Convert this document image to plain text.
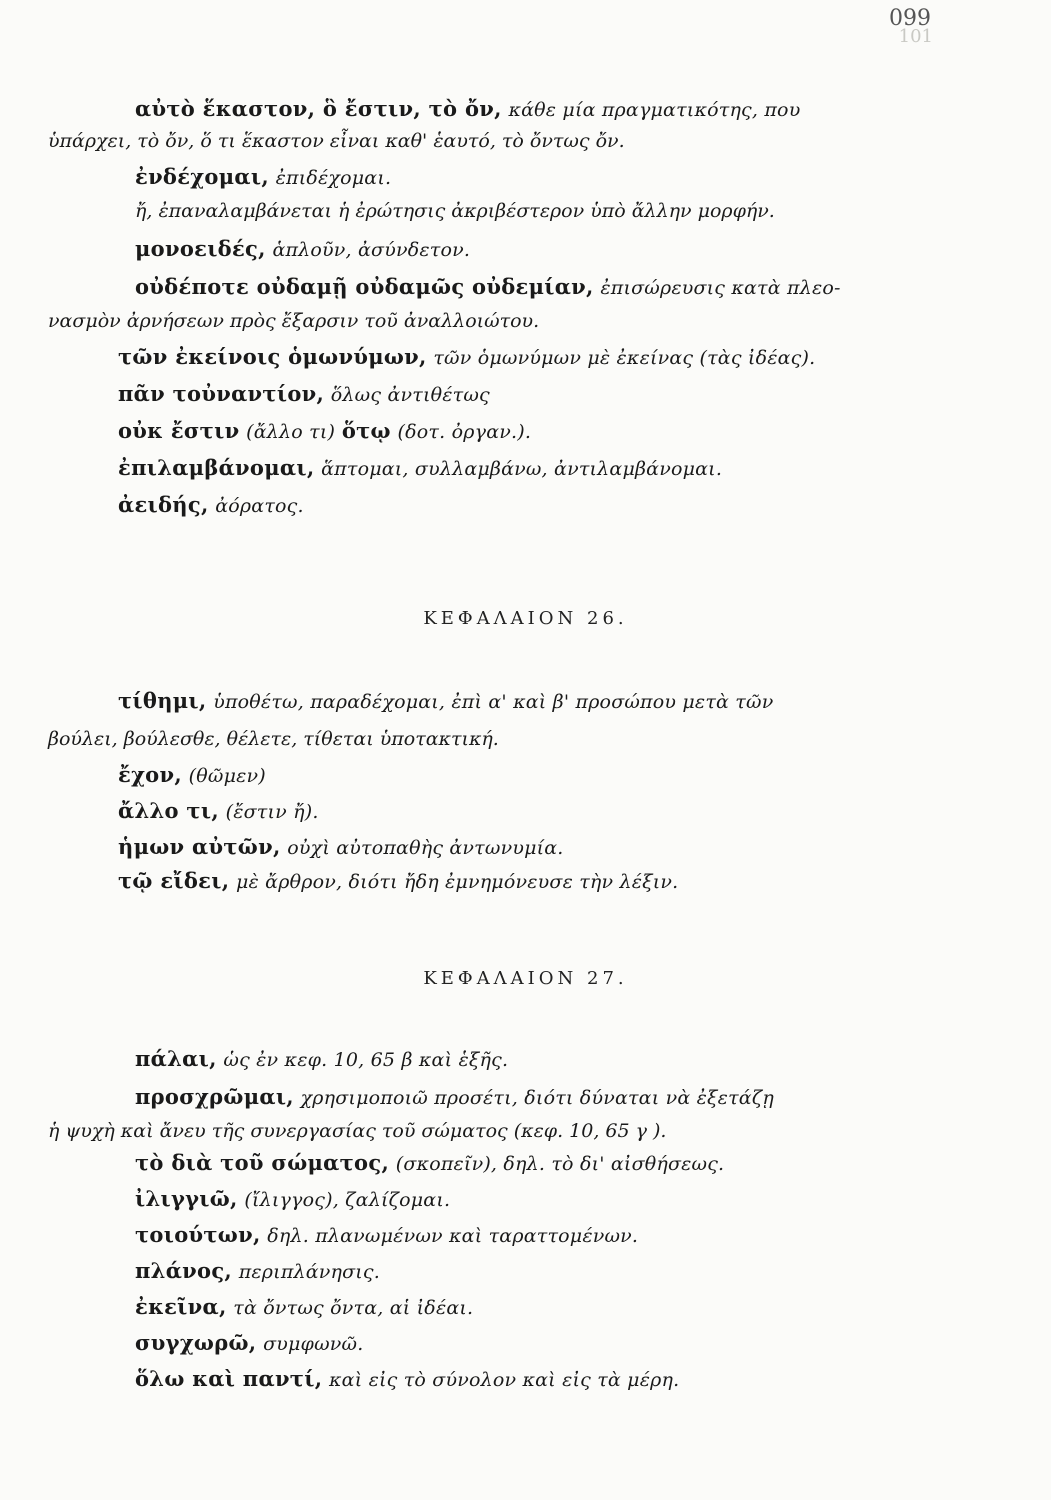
099
101
αὐτὸ ἕκαστον, ὃ ἔστιν, τὸ ὄν, κάθε μία πραγματικότης, που
ὑπάρχει, τὸ ὄν, ὅ τι ἕκαστον εἶναι καθ' ἑαυτό, τὸ ὄντως ὄν.
ἐνδέχομαι, ἐπιδέχομαι.
ἤ, ἐπαναλαμβάνεται ἡ ἐρώτησις ἀκριβέστερον ὑπὸ ἄλλην μορφήν.
μονοειδές, ἁπλοῦν, ἀσύνδετον.
οὐδέποτε οὐδαμῇ οὐδαμῶς οὐδεμίαν, ἐπισώρευσις κατὰ πλεο-
νασμὸν ἀρνήσεων πρὸς ἔξαρσιν τοῦ ἀναλλοιώτου.
τῶν ἐκείνοις ὁμωνύμων, τῶν ὁμωνύμων μὲ ἐκείνας (τὰς ἰδέας).
πᾶν τοὐναντίον, ὅλως ἀντιθέτως
οὐκ ἔστιν (ἄλλο τι) ὅτῳ (δοτ. ὀργαν.).
ἐπιλαμβάνομαι, ἅπτομαι, συλλαμβάνω, ἀντιλαμβάνομαι.
ἀειδής, ἀόρατος.
ΚΕΦΑΛΑΙΟΝ 26.
τίθημι, ὑποθέτω, παραδέχομαι, ἐπὶ α' καὶ β' προσώπου μετὰ τῶν
βούλει, βούλεσθε, θέλετε, τίθεται ὑποτακτική.
ἔχον, (θῶμεν)
ἄλλο τι, (ἔστιν ἤ).
ἡμων αὐτῶν, οὐχὶ αὐτοπαθὴς ἀντωνυμία.
τῷ εἴδει, μὲ ἄρθρον, διότι ἤδη ἐμνημόνευσε τὴν λέξιν.
ΚΕΦΑΛΑΙΟΝ 27.
πάλαι, ὡς ἐν κεφ. 10, 65 β καὶ ἑξῆς.
προσχρῶμαι, χρησιμοποιῶ προσέτι, διότι δύναται νὰ ἐξετάζῃ
ἡ ψυχὴ καὶ ἄνευ τῆς συνεργασίας τοῦ σώματος (κεφ. 10, 65 γ ).
τὸ διὰ τοῦ σώματος, (σκοπεῖν), δηλ. τὸ δι' αἰσθήσεως.
ἰλιγγιῶ, (ἴλιγγος), ζαλίζομαι.
τοιούτων, δηλ. πλανωμένων καὶ ταραττομένων.
πλάνος, περιπλάνησις.
ἐκεῖνα, τὰ ὄντως ὄντα, αἱ ἰδέαι.
συγχωρῶ, συμφωνῶ.
ὅλω καὶ παντί, καὶ εἰς τὸ σύνολον καὶ εἰς τὰ μέρη.
